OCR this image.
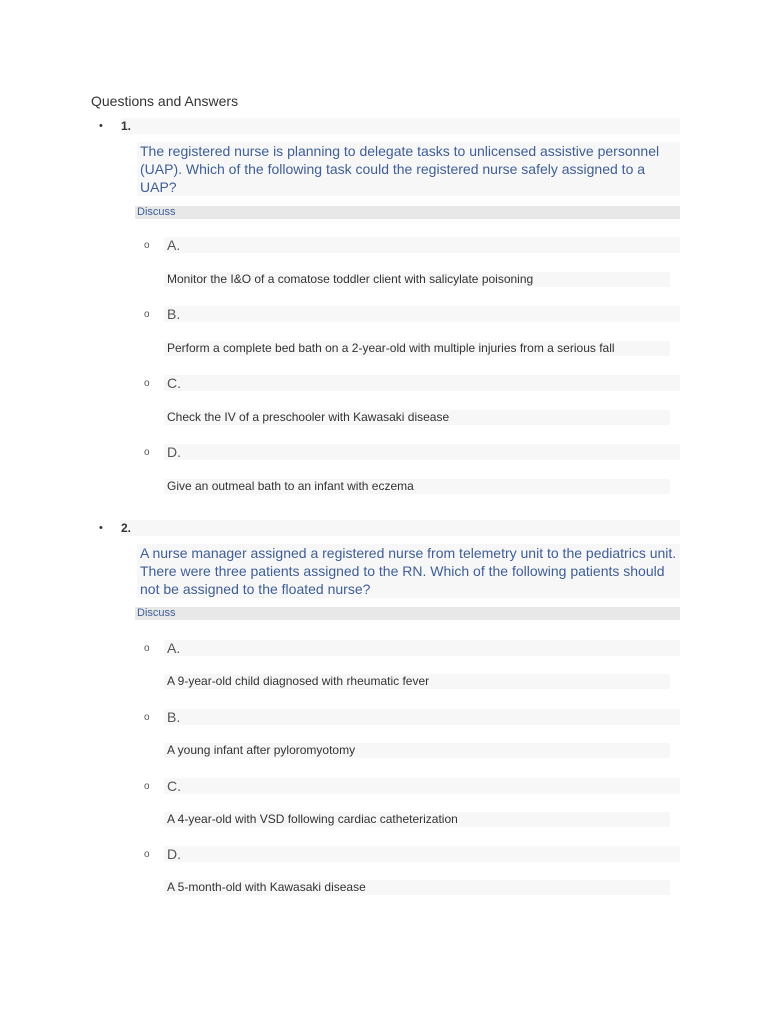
Questions and Answers
• 1.

The registered nurse is planning to delegate tasks to unlicensed assistive personnel (UAP). Which of the following task could the registered nurse safely assigned to a UAP?

Discuss
o A.
Monitor the I&O of a comatose toddler client with salicylate poisoning
o B.
Perform a complete bed bath on a 2-year-old with multiple injuries from a serious fall
o C.
Check the IV of a preschooler with Kawasaki disease
o D.
Give an outmeal bath to an infant with eczema
• 2.

A nurse manager assigned a registered nurse from telemetry unit to the pediatrics unit. There were three patients assigned to the RN. Which of the following patients should not be assigned to the floated nurse?

Discuss
o A.
A 9-year-old child diagnosed with rheumatic fever
o B.
A young infant after pyloromyotomy
o C.
A 4-year-old with VSD following cardiac catheterization
o D.
A 5-month-old with Kawasaki disease
